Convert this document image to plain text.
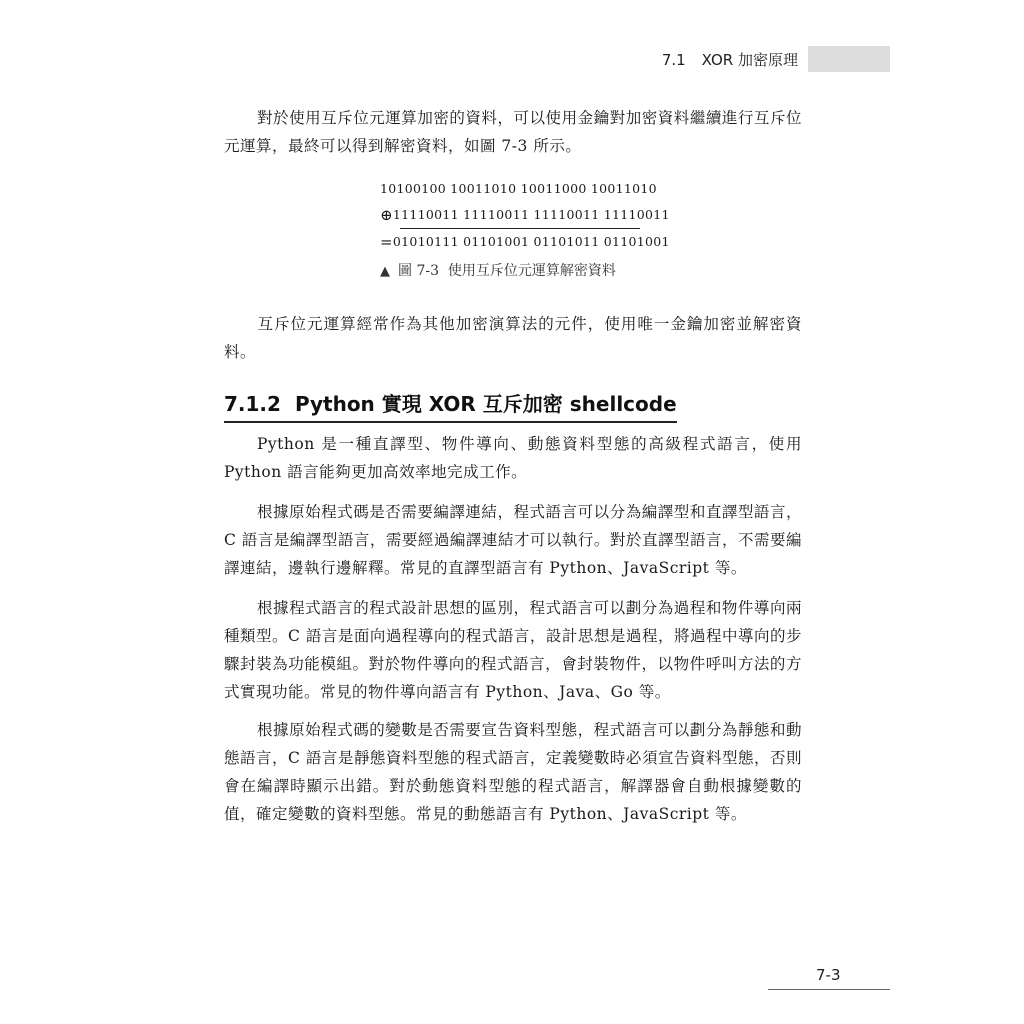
7.1 XOR 加密原理

對於使用互斥位元運算加密的資料，可以使用金鑰對加密資料繼續進行互斥位元運算，最終可以得到解密資料，如圖 7-3 所示。

10100100 10011010 10011000 10011010
⊕ 11110011 11110011 11110011 11110011
= 01010111 01101001 01101011 01101001
▲ 圖 7-3 使用互斥位元運算解密資料

互斥位元運算經常作為其他加密演算法的元件，使用唯一金鑰加密並解密資料。

7.1.2 Python 實現 XOR 互斥加密 shellcode

Python 是一種直譯型、物件導向、動態資料型態的高級程式語言，使用 Python 語言能夠更加高效率地完成工作。

根據原始程式碼是否需要編譯連結，程式語言可以分為編譯型和直譯型語言，C 語言是編譯型語言，需要經過編譯連結才可以執行。對於直譯型語言，不需要編譯連結，邊執行邊解釋。常見的直譯型語言有 Python、JavaScript 等。

根據程式語言的程式設計思想的區別，程式語言可以劃分為過程和物件導向兩種類型。C 語言是面向過程導向的程式語言，設計思想是過程，將過程中導向的步驟封裝為功能模組。對於物件導向的程式語言，會封裝物件，以物件呼叫方法的方式實現功能。常見的物件導向語言有 Python、Java、Go 等。

根據原始程式碼的變數是否需要宣告資料型態，程式語言可以劃分為靜態和動態語言，C 語言是靜態資料型態的程式語言，定義變數時必須宣告資料型態，否則會在編譯時顯示出錯。對於動態資料型態的程式語言，解譯器會自動根據變數的值，確定變數的資料型態。常見的動態語言有 Python、JavaScript 等。

7-3
